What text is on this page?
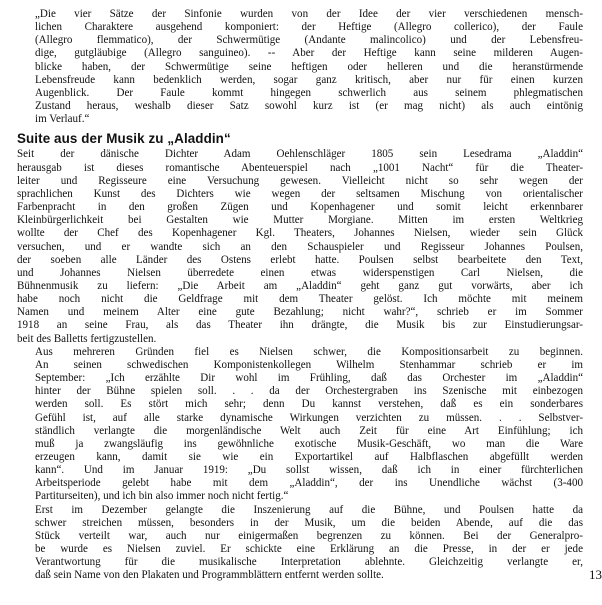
„Die vier Sätze der Sinfonie wurden von der Idee der vier verschiedenen mensch-
lichen Charaktere ausgehend komponiert: der Heftige (Allegro collerico), der Faule
(Allegro flemmatico), der Schwermütige (Andante malincolico) und der Lebensfreu-
dige, gutgläubige (Allegro sanguineo). -- Aber der Heftige kann seine milderen Augen-
blicke haben, der Schwermütige seine heftigen oder helleren und die heranstürmende
Lebensfreude kann bedenklich werden, sogar ganz kritisch, aber nur für einen kurzen
Augenblick. Der Faule kommt hingegen schwerlich aus seinem phlegmatischen
Zustand heraus, weshalb dieser Satz sowohl kurz ist (er mag nicht) als auch eintönig
im Verlauf.“

Suite aus der Musik zu „Aladdin“

Seit der dänische Dichter Adam Oehlenschläger 1805 sein Lesedrama „Aladdin“
herausgab ist dieses romantische Abenteuerspiel nach „1001 Nacht“ für die Theater-
leiter und Regisseure eine Versuchung gewesen. Vielleicht nicht so sehr wegen der
sprachlichen Kunst des Dichters wie wegen der seltsamen Mischung von orientalischer
Farbenpracht in den großen Zügen und Kopenhagener und somit leicht erkennbarer
Kleinbürgerlichkeit bei Gestalten wie Mutter Morgiane. Mitten im ersten Weltkrieg
wollte der Chef des Kopenhagener Kgl. Theaters, Johannes Nielsen, wieder sein Glück
versuchen, und er wandte sich an den Schauspieler und Regisseur Johannes Poulsen,
der soeben alle Länder des Ostens erlebt hatte. Poulsen selbst bearbeitete den Text,
und Johannes Nielsen überredete einen etwas widerspenstigen Carl Nielsen, die
Bühnenmusik zu liefern: „Die Arbeit am „Aladdin“ geht ganz gut vorwärts, aber ich
habe noch nicht die Geldfrage mit dem Theater gelöst. Ich möchte mit meinem
Namen und meinem Alter eine gute Bezahlung; nicht wahr?“, schrieb er im Sommer
1918 an seine Frau, als das Theater ihn drängte, die Musik bis zur Einstudierungsar-
beit des Balletts fertigzustellen.

Aus mehreren Gründen fiel es Nielsen schwer, die Kompositionsarbeit zu beginnen.
An seinen schwedischen Komponistenkollegen Wilhelm Stenhammar schrieb er im
September: „Ich erzählte Dir wohl im Frühling, daß das Orchester im „Aladdin“
hinter der Bühne spielen soll. . . da der Orchestergraben ins Szenische mit einbezogen
werden soll. Es stört mich sehr; denn Du kannst verstehen, daß es ein sonderbares
Gefühl ist, auf alle starke dynamische Wirkungen verzichten zu müssen. . . Selbstver-
ständlich verlangte die morgenländische Welt auch Zeit für eine Art Einfühlung; ich
muß ja zwangsläufig ins gewöhnliche exotische Musik-Geschäft, wo man die Ware
erzeugen kann, damit sie wie ein Exportartikel auf Halbflaschen abgefüllt werden
kann“. Und im Januar 1919: „Du sollst wissen, daß ich in einer fürchterlichen
Arbeitsperiode gelebt habe mit dem „Aladdin“, der ins Unendliche wächst (3-400
Partiturseiten), und ich bin also immer noch nicht fertig.“

Erst im Dezember gelangte die Inszenierung auf die Bühne, und Poulsen hatte da
schwer streichen müssen, besonders in der Musik, um die beiden Abende, auf die das
Stück verteilt war, auch nur einigermaßen begrenzen zu können. Bei der Generalpro-
be wurde es Nielsen zuviel. Er schickte eine Erklärung an die Presse, in der er jede
Verantwortung für die musikalische Interpretation ablehnte. Gleichzeitig verlangte er,
daß sein Name von den Plakaten und Programmblättern entfernt werden sollte.	13
